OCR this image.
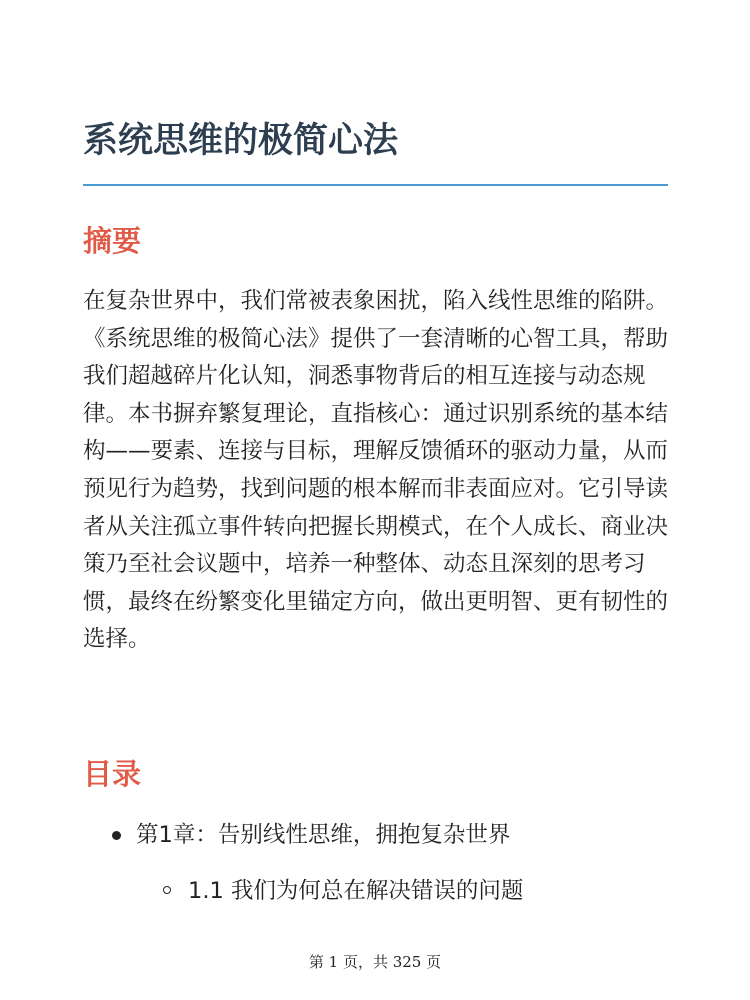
系统思维的极简心法
摘要

在复杂世界中，我们常被表象困扰，陷入线性思维的陷阱。《系统思维的极简心法》提供了一套清晰的心智工具，帮助我们超越碎片化认知，洞悉事物背后的相互连接与动态规律。本书摒弃繁复理论，直指核心：通过识别系统的基本结构——要素、连接与目标，理解反馈循环的驱动力量，从而预见行为趋势，找到问题的根本解而非表面应对。它引导读者从关注孤立事件转向把握长期模式，在个人成长、商业决策乃至社会议题中，培养一种整体、动态且深刻的思考习惯，最终在纷繁变化里锚定方向，做出更明智、更有韧性的选择。

目录
第1章：告别线性思维，拥抱复杂世界
1.1 我们为何总在解决错误的问题
第 1 页，共 325 页
